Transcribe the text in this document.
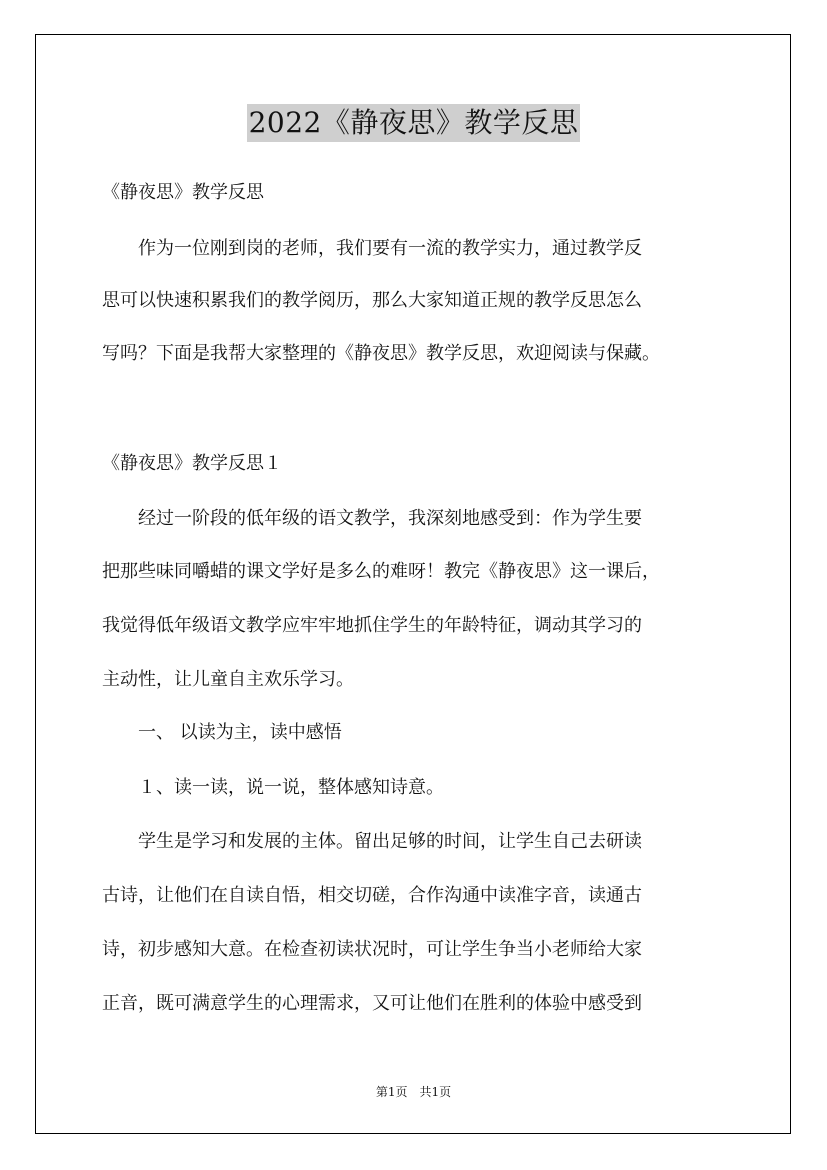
2022《静夜思》教学反思
《静夜思》教学反思
　　作为一位刚到岗的老师，我们要有一流的教学实力，通过教学反
思可以快速积累我们的教学阅历，那么大家知道正规的教学反思怎么
写吗？下面是我帮大家整理的《静夜思》教学反思，欢迎阅读与保藏。
《静夜思》教学反思１
　　经过一阶段的低年级的语文教学，我深刻地感受到：作为学生要
把那些味同嚼蜡的课文学好是多么的难呀！教完《静夜思》这一课后，
我觉得低年级语文教学应牢牢地抓住学生的年龄特征，调动其学习的
主动性，让儿童自主欢乐学习。
　　一、 以读为主，读中感悟
　　１、读一读，说一说，整体感知诗意。
　　学生是学习和发展的主体。留出足够的时间，让学生自己去研读
古诗，让他们在自读自悟，相交切磋，合作沟通中读准字音，读通古
诗，初步感知大意。在检查初读状况时，可让学生争当小老师给大家
正音，既可满意学生的心理需求，又可让他们在胜利的体验中感受到
第1页　共1页
